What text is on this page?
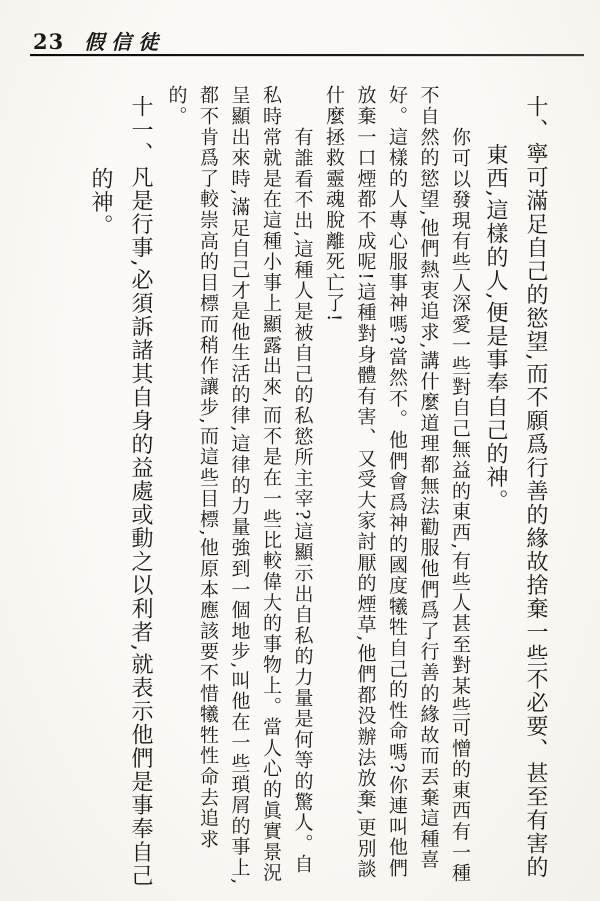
23 假信徒

十、寧可滿足自己的慾望,而不願爲行善的緣故捨棄一些不必要、甚至有害的東西,這樣的人,便是事奉自己的神。

你可以發現有些人深愛一些對自己無益的東西,有些人甚至對某些可憎的東西有一種不自然的慾望,他們熱衷追求,講什麼道理都無法勸服他們爲了行善的緣故而丟棄這種喜好。這樣的人專心服事神嗎?當然不。他們會爲神的國度犧牲自己的性命嗎?你連叫他們放棄一口煙都不成呢!這種對身體有害、又受大家討厭的煙草,他們都没辦法放棄,更別談什麼拯救靈魂脫離死亡了!

有誰看不出,這種人是被自己的私慾所主宰?這顯示出自私的力量是何等的驚人。自私時常就是在這種小事上顯露出來,而不是在一些比較偉大的事物上。當人心的眞實景況呈顯出來時,滿足自己才是他生活的律,這律的力量強到一個地步,叫他在一些瑣屑的事上,都不肯爲了較崇高的目標而稍作讓步,而這些目標,他原本應該要不惜犧牲性命去追求的。

十一、凡是行事,必須訴諸其自身的益處或動之以利者,就表示他們是事奉自己的神。
